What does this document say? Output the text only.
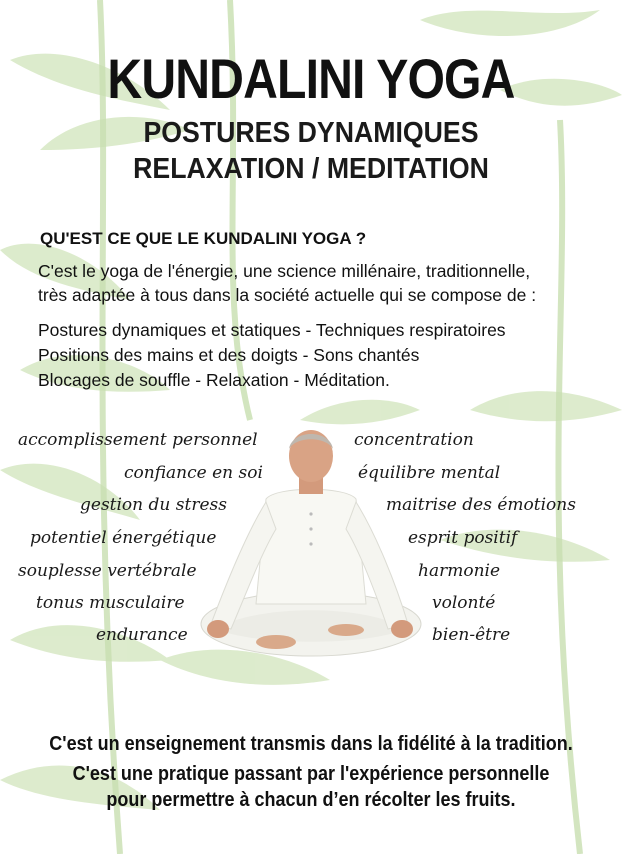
KUNDALINI YOGA
POSTURES DYNAMIQUES
RELAXATION / MEDITATION
QU'EST CE QUE LE KUNDALINI YOGA ?
C'est le yoga de l'énergie, une science millénaire, traditionnelle,
très adaptée à tous dans la société actuelle qui se compose de :
Postures dynamiques et statiques - Techniques respiratoires
Positions des mains et des doigts - Sons chantés
Blocages de souffle - Relaxation - Méditation.
accomplissement personnel
confiance en soi
gestion du stress
potentiel énergétique
souplesse vertébrale
tonus musculaire
endurance
concentration
équilibre mental
maitrise des émotions
esprit positif
harmonie
volonté
bien-être
C'est un enseignement transmis dans la fidélité à la tradition.
C'est une pratique passant par l'expérience personnelle
pour permettre à chacun d’en récolter les fruits.
